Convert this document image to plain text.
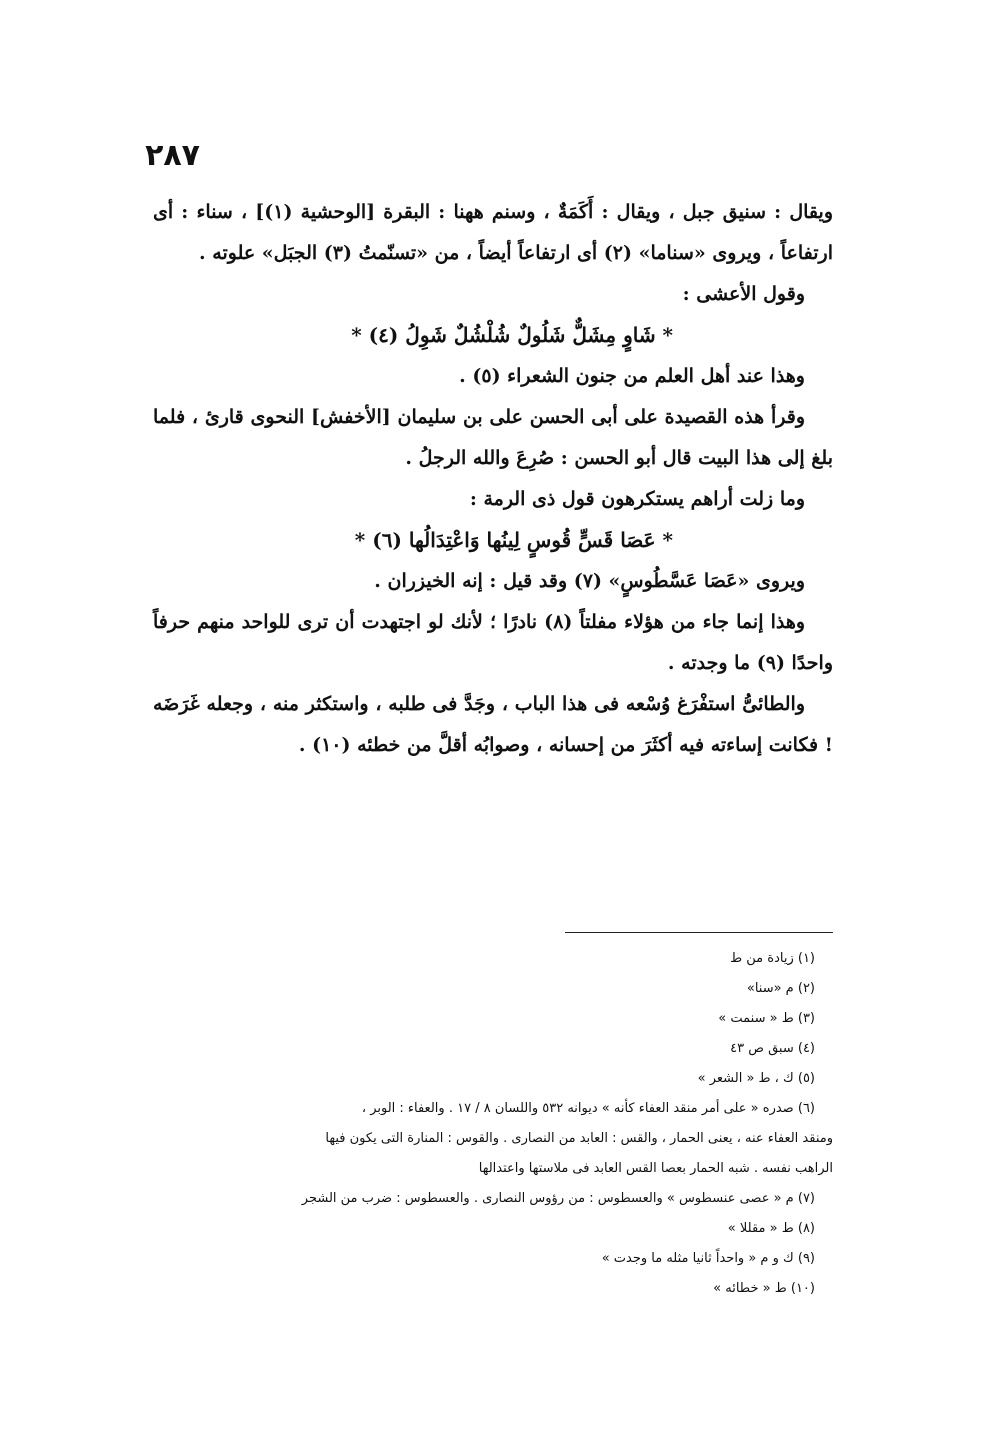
٢٨٧

ويقال : سنيق جبل ، ويقال : أَكَمَةٌ ، وسنم ههنا : البقرة [الوحشية (١)] ، سناء : أى ارتفاعاً ، ويروى «سناما» (٢) أى ارتفاعاً أيضاً ، من «تسنّمتُ (٣) الجبَل» علوته .

وقول الأعشى :

* شَاوٍ مِشَلٌّ شَلُولٌ شُلْشُلٌ شَوِلُ (٤) *

وهذا عند أهل العلم من جنون الشعراء (٥) .

وقرأ هذه القصيدة على أبى الحسن على بن سليمان [الأخفش] النحوى قارئ ، فلما بلغ إلى هذا البيت قال أبو الحسن : صُرِعَ والله الرجلُ .

وما زلت أراهم يستكرهون قول ذى الرمة :

* عَصَا قَسٍّ قُوسٍ لِينُها وَاعْتِدَالُها (٦) *

ويروى «عَصَا عَسَّطُوسٍ» (٧) وقد قيل : إنه الخيزران .

وهذا إنما جاء من هؤلاء مفلتاً (٨) نادرًا ؛ لأنك لو اجتهدت أن ترى للواحد منهم حرفاً واحدًا (٩) ما وجدته .

والطائىُّ استفْرَغ وُسْعه فى هذا الباب ، وجَدَّ فى طلبه ، واستكثر منه ، وجعله غَرَضَه ! فكانت إساءته فيه أكثَرَ من إحسانه ، وصوابُه أقلَّ من خطئه (١٠) .

(١) زيادة من ط

(٢) م «سنا»

(٣) ط « سنمت »

(٤) سبق ص ٤٣

(٥) ك ، ط « الشعر »

(٦) صدره « على أمر منقد العفاء كأنه » ديوانه ٥٣٢ واللسان ٨ / ١٧ . والعفاء : الوبر ،

ومنقد العفاء عنه ، يعنى الحمار ، والقس : العابد من النصارى . والقوس : المنارة التى يكون فيها

الراهب نفسه . شبه الحمار بعصا القس العابد فى ملاستها واعتدالها

(٧) م « عصى عنسطوس » والعسطوس : من رؤوس النصارى . والعسطوس : ضرب من الشجر

(٨) ط « مقللا »

(٩) ك و م « واحداً ثانيا مثله ما وجدت »

(١٠) ط « خطائه »
